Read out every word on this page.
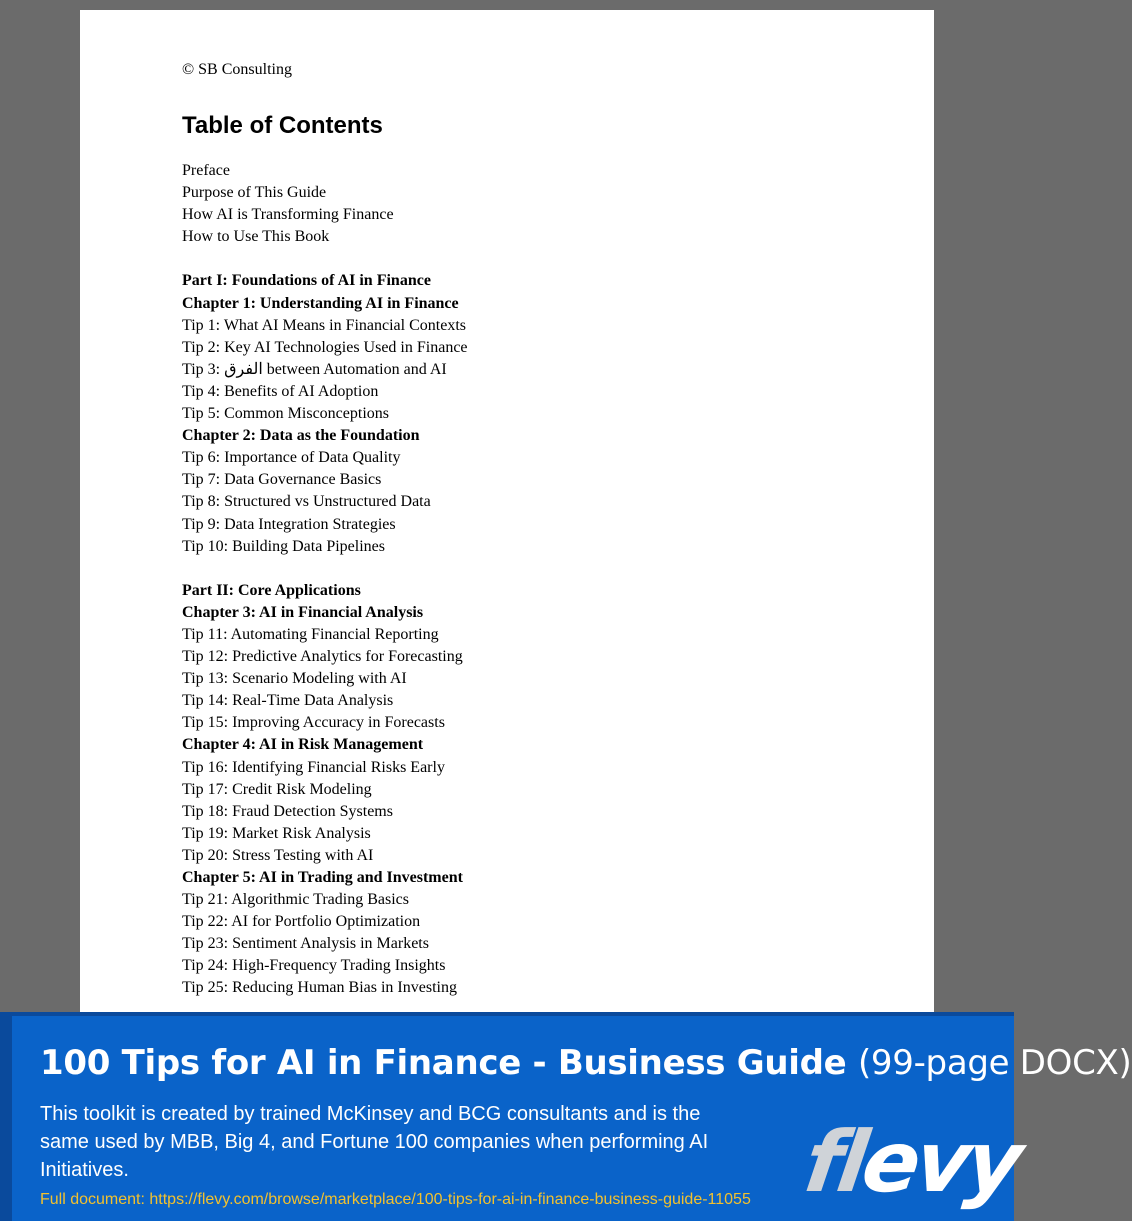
© SB Consulting

Table of Contents
Preface
Purpose of This Guide
How AI is Transforming Finance
How to Use This Book
Part I: Foundations of AI in Finance
Chapter 1: Understanding AI in Finance
Tip 1: What AI Means in Financial Contexts
Tip 2: Key AI Technologies Used in Finance
Tip 3: الفرق between Automation and AI
Tip 4: Benefits of AI Adoption
Tip 5: Common Misconceptions
Chapter 2: Data as the Foundation
Tip 6: Importance of Data Quality
Tip 7: Data Governance Basics
Tip 8: Structured vs Unstructured Data
Tip 9: Data Integration Strategies
Tip 10: Building Data Pipelines
Part II: Core Applications
Chapter 3: AI in Financial Analysis
Tip 11: Automating Financial Reporting
Tip 12: Predictive Analytics for Forecasting
Tip 13: Scenario Modeling with AI
Tip 14: Real-Time Data Analysis
Tip 15: Improving Accuracy in Forecasts
Chapter 4: AI in Risk Management
Tip 16: Identifying Financial Risks Early
Tip 17: Credit Risk Modeling
Tip 18: Fraud Detection Systems
Tip 19: Market Risk Analysis
Tip 20: Stress Testing with AI
Chapter 5: AI in Trading and Investment
Tip 21: Algorithmic Trading Basics
Tip 22: AI for Portfolio Optimization
Tip 23: Sentiment Analysis in Markets
Tip 24: High-Frequency Trading Insights
Tip 25: Reducing Human Bias in Investing
100 Tips for AI in Finance - Business Guide (99-page DOCX)

This toolkit is created by trained McKinsey and BCG consultants and is the same used by MBB, Big 4, and Fortune 100 companies when performing AI Initiatives.

Full document: https://flevy.com/browse/marketplace/100-tips-for-ai-in-finance-business-guide-11055 flevy
